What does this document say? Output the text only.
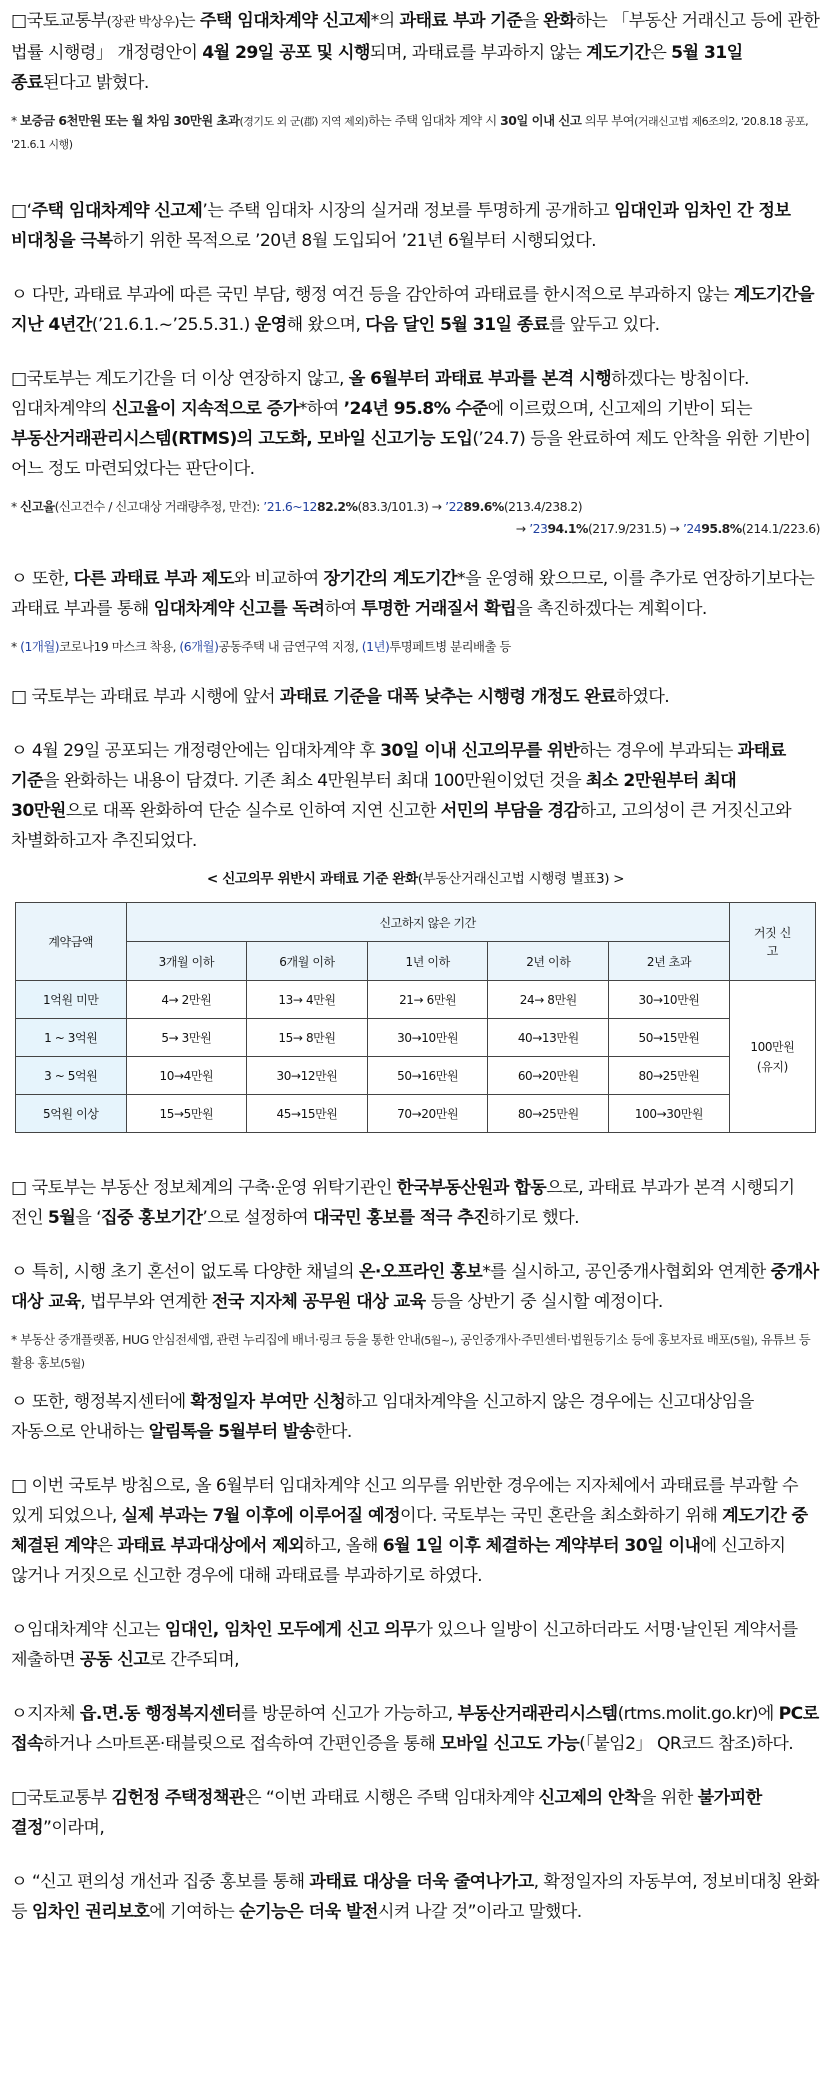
□국토교통부(장관 박상우)는 주택 임대차계약 신고제*의 과태료 부과 기준을 완화하는 「부동산 거래신고 등에 관한 법률 시행령」 개정령안이 4월 29일 공포 및 시행되며, 과태료를 부과하지 않는 계도기간은 5월 31일 종료된다고 밝혔다.

* 보증금 6천만원 또는 월 차임 30만원 초과(경기도 외 군(郡) 지역 제외)하는 주택 임대차 계약 시 30일 이내 신고 의무 부여(거래신고법 제6조의2, '20.8.18 공포, '21.6.1 시행)

□‘주택 임대차계약 신고제’는 주택 임대차 시장의 실거래 정보를 투명하게 공개하고 임대인과 임차인 간 정보 비대칭을 극복하기 위한 목적으로 ’20년 8월 도입되어 ’21년 6월부터 시행되었다.

ㅇ 다만, 과태료 부과에 따른 국민 부담, 행정 여건 등을 감안하여 과태료를 한시적으로 부과하지 않는 계도기간을 지난 4년간(’21.6.1.~’25.5.31.) 운영해 왔으며, 다음 달인 5월 31일 종료를 앞두고 있다.

□국토부는 계도기간을 더 이상 연장하지 않고, 올 6월부터 과태료 부과를 본격 시행하겠다는 방침이다. 임대차계약의 신고율이 지속적으로 증가*하여 ’24년 95.8% 수준에 이르렀으며, 신고제의 기반이 되는 부동산거래관리시스템(RTMS)의 고도화, 모바일 신고기능 도입(’24.7) 등을 완료하여 제도 안착을 위한 기반이 어느 정도 마련되었다는 판단이다.

* 신고율(신고건수 / 신고대상 거래량추정, 만건): ’21.6~1282.2%(83.3/101.3) → ’2289.6%(213.4/238.2)

→ ’2394.1%(217.9/231.5) → ’2495.8%(214.1/223.6)

ㅇ 또한, 다른 과태료 부과 제도와 비교하여 장기간의 계도기간*을 운영해 왔으므로, 이를 추가로 연장하기보다는 과태료 부과를 통해 임대차계약 신고를 독려하여 투명한 거래질서 확립을 촉진하겠다는 계획이다.

* (1개월)코로나19 마스크 착용, (6개월)공동주택 내 금연구역 지정, (1년)투명페트병 분리배출 등

□ 국토부는 과태료 부과 시행에 앞서 과태료 기준을 대폭 낮추는 시행령 개정도 완료하였다.

ㅇ 4월 29일 공포되는 개정령안에는 임대차계약 후 30일 이내 신고의무를 위반하는 경우에 부과되는 과태료 기준을 완화하는 내용이 담겼다. 기존 최소 4만원부터 최대 100만원이었던 것을 최소 2만원부터 최대 30만원으로 대폭 완화하여 단순 실수로 인하여 지연 신고한 서민의 부담을 경감하고, 고의성이 큰 거짓신고와 차별화하고자 추진되었다.

< 신고의무 위반시 과태료 기준 완화(부동산거래신고법 시행령 별표3) >

계약금액	신고하지 않은 기간					거짓 신고
	3개월 이하	6개월 이하	1년 이하	2년 이하	2년 초과	
1억원 미만	4→ 2만원	13→ 4만원	21→ 6만원	24→ 8만원	30→10만원	100만원
(유지)
1 ~ 3억원	5→ 3만원	15→ 8만원	30→10만원	40→13만원	50→15만원	
3 ~ 5억원	10→4만원	30→12만원	50→16만원	60→20만원	80→25만원	
5억원 이상	15→5만원	45→15만원	70→20만원	80→25만원	100→30만원	

□ 국토부는 부동산 정보체계의 구축·운영 위탁기관인 한국부동산원과 합동으로, 과태료 부과가 본격 시행되기 전인 5월을 ‘집중 홍보기간’으로 설정하여 대국민 홍보를 적극 추진하기로 했다.

ㅇ 특히, 시행 초기 혼선이 없도록 다양한 채널의 온·오프라인 홍보*를 실시하고, 공인중개사협회와 연계한 중개사 대상 교육, 법무부와 연계한 전국 지자체 공무원 대상 교육 등을 상반기 중 실시할 예정이다.

* 부동산 중개플랫폼, HUG 안심전세앱, 관련 누리집에 배너·링크 등을 통한 안내(5월~), 공인중개사·주민센터·법원등기소 등에 홍보자료 배포(5월), 유튜브 등 활용 홍보(5월)

ㅇ 또한, 행정복지센터에 확정일자 부여만 신청하고 임대차계약을 신고하지 않은 경우에는 신고대상임을 자동으로 안내하는 알림톡을 5월부터 발송한다.

□ 이번 국토부 방침으로, 올 6월부터 임대차계약 신고 의무를 위반한 경우에는 지자체에서 과태료를 부과할 수 있게 되었으나, 실제 부과는 7월 이후에 이루어질 예정이다. 국토부는 국민 혼란을 최소화하기 위해 계도기간 중 체결된 계약은 과태료 부과대상에서 제외하고, 올해 6월 1일 이후 체결하는 계약부터 30일 이내에 신고하지 않거나 거짓으로 신고한 경우에 대해 과태료를 부과하기로 하였다.

ㅇ임대차계약 신고는 임대인, 임차인 모두에게 신고 의무가 있으나 일방이 신고하더라도 서명·날인된 계약서를 제출하면 공동 신고로 간주되며,

ㅇ지자체 읍.면.동 행정복지센터를 방문하여 신고가 가능하고, 부동산거래관리시스템(rtms.molit.go.kr)에 PC로 접속하거나 스마트폰·태블릿으로 접속하여 간편인증을 통해 모바일 신고도 가능(「붙임2」 QR코드 참조)하다.

□국토교통부 김헌정 주택정책관은 “이번 과태료 시행은 주택 임대차계약 신고제의 안착을 위한 불가피한 결정”이라며,

ㅇ “신고 편의성 개선과 집중 홍보를 통해 과태료 대상을 더욱 줄여나가고, 확정일자의 자동부여, 정보비대칭 완화 등 임차인 권리보호에 기여하는 순기능은 더욱 발전시켜 나갈 것”이라고 말했다.
